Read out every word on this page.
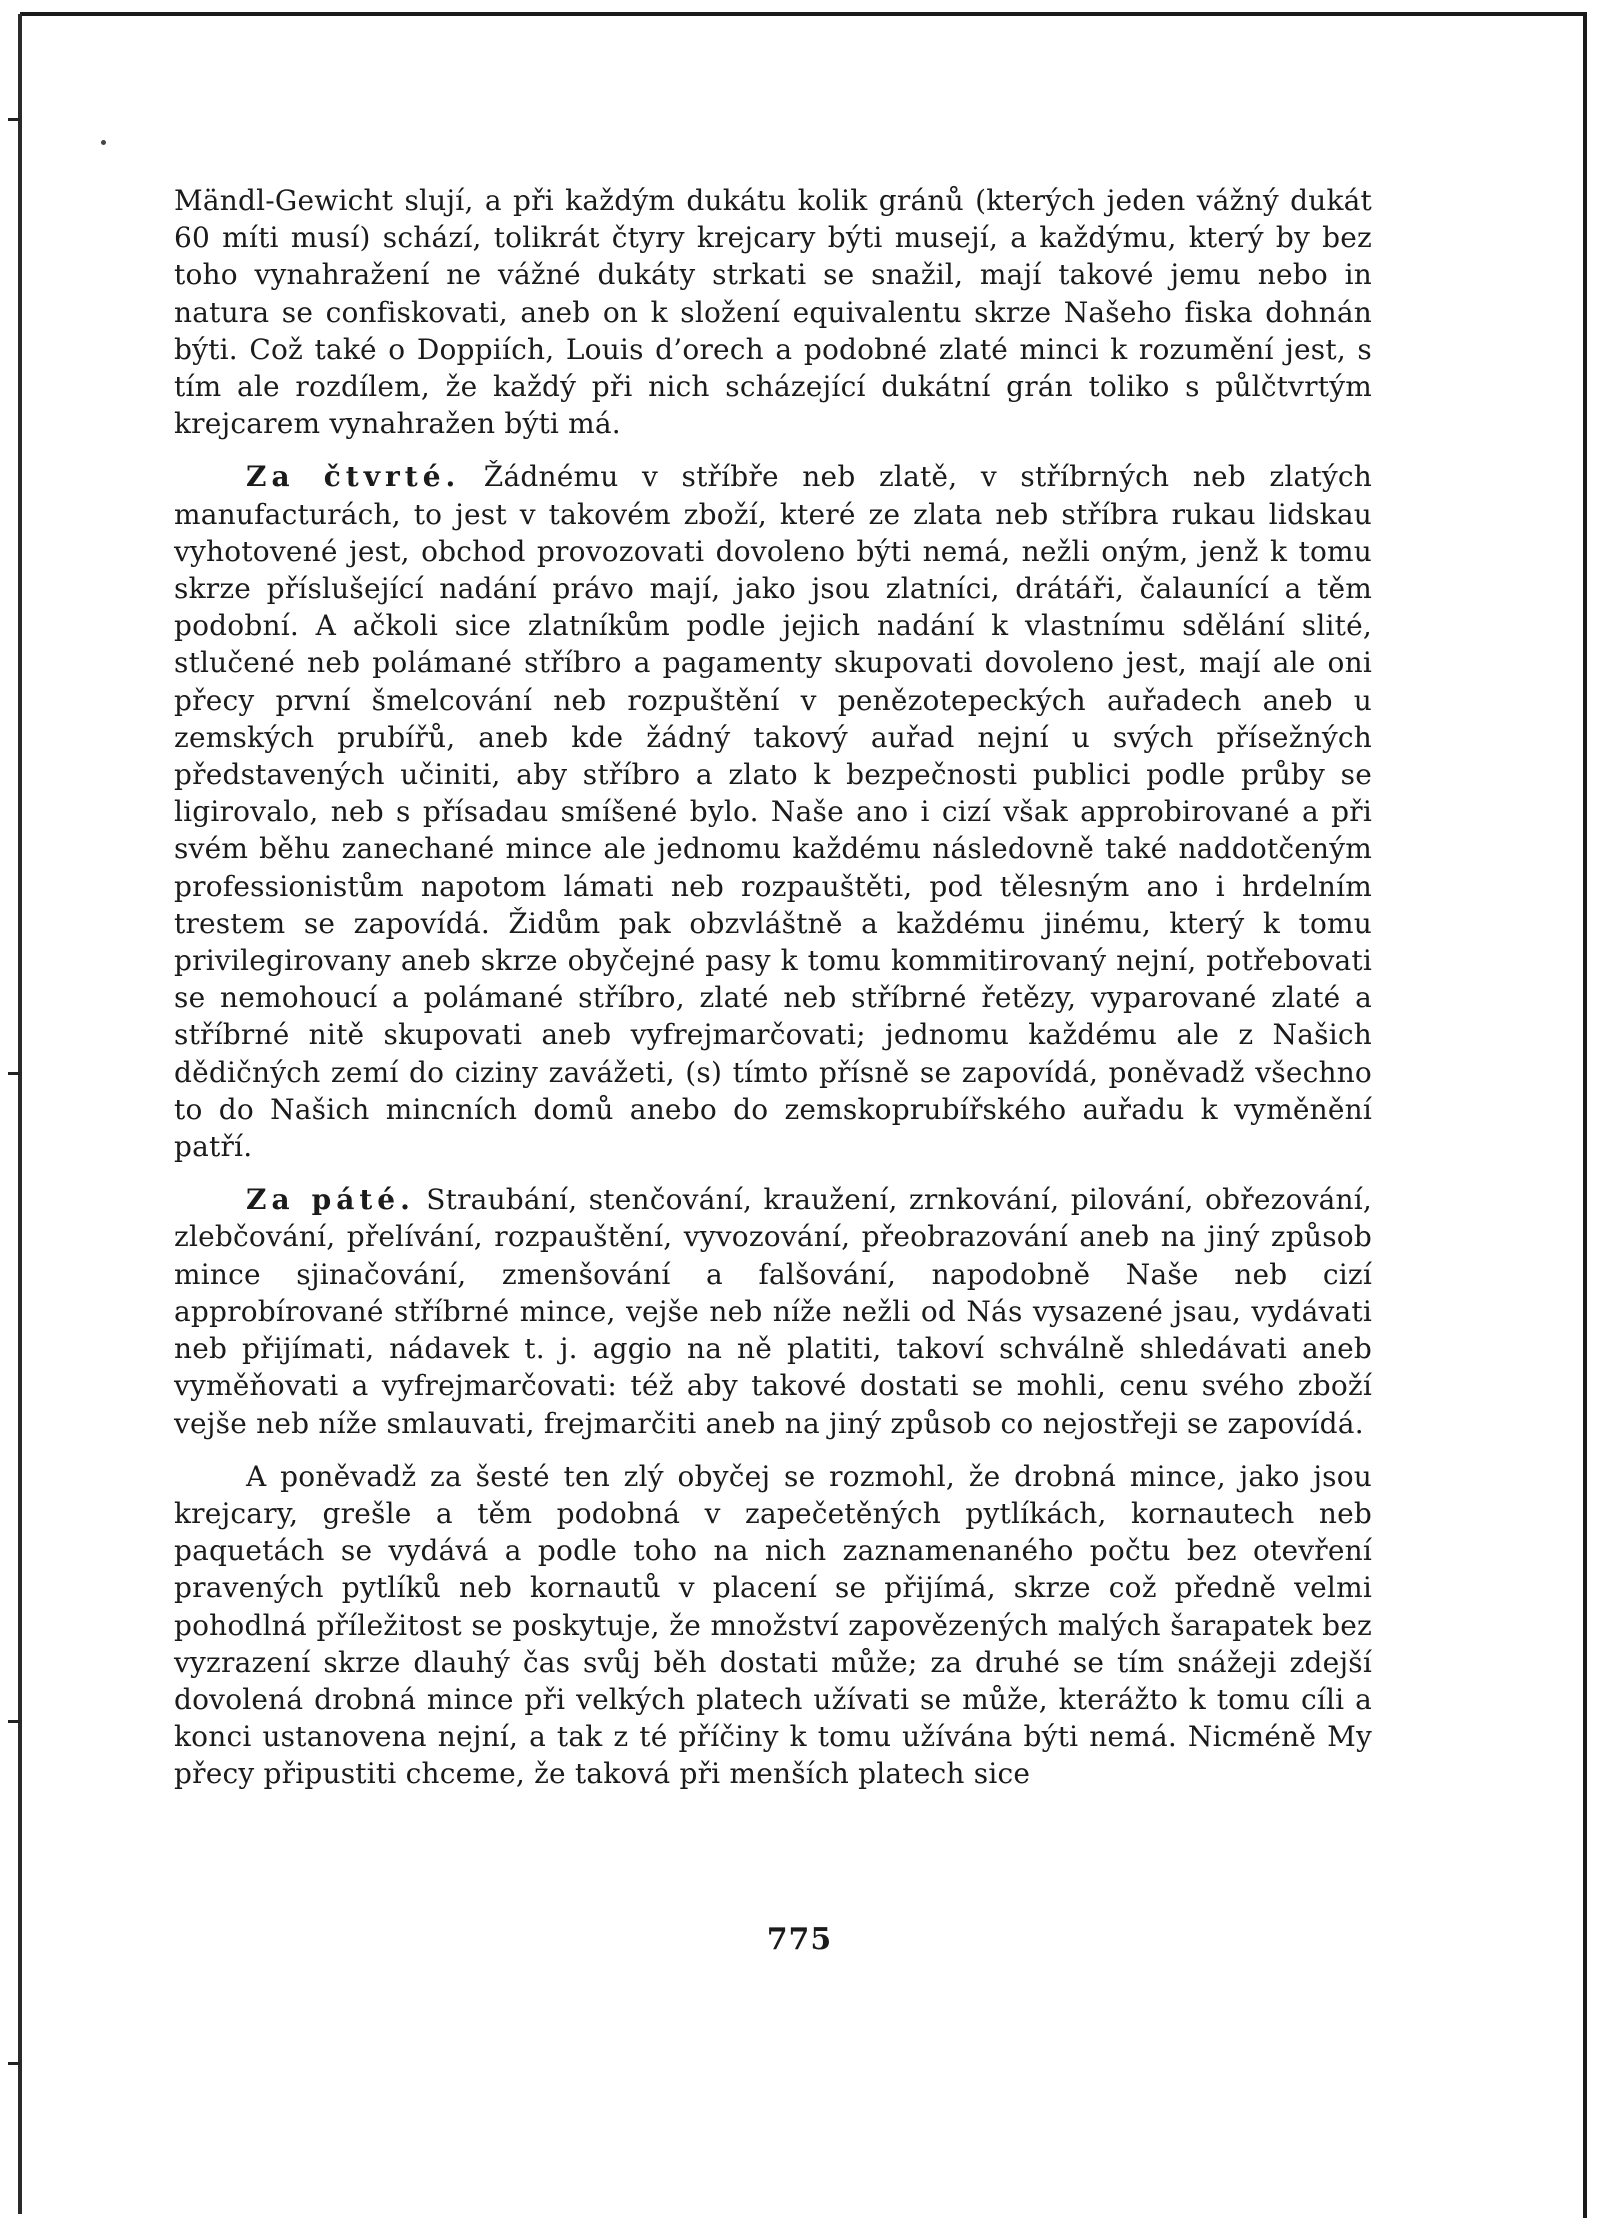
Mändl-Gewicht slují, a při každým dukátu kolik gránů (kterých jeden vážný dukát 60 míti musí) schází, tolikrát čtyry krejcary býti musejí, a každýmu, který by bez toho vynahražení ne vážné dukáty strkati se snažil, mají takové jemu nebo in natura se confiskovati, aneb on k složení equivalentu skrze Našeho fiska dohnán býti. Což také o Doppiích, Louis d’orech a podobné zlaté minci k rozumění jest, s tím ale rozdílem, že každý při nich scházející dukátní grán toliko s půlčtvrtým krejcarem vynahražen býti má.

Za čtvrté. Žádnému v stříbře neb zlatě, v stříbrných neb zlatých manufacturách, to jest v takovém zboží, které ze zlata neb stříbra rukau lidskau vyhotovené jest, obchod provozovati dovoleno býti nemá, nežli oným, jenž k tomu skrze příslušející nadání právo mají, jako jsou zlatníci, drátáři, čalaunící a těm podobní. A ačkoli sice zlatníkům podle jejich nadání k vlastnímu sdělání slité, stlučené neb polámané stříbro a pagamenty skupovati dovoleno jest, mají ale oni přecy první šmelcování neb rozpuštění v penězotepeckých auřadech aneb u zemských prubířů, aneb kde žádný takový auřad nejní u svých přísežných představených učiniti, aby stříbro a zlato k bezpečnosti publici podle průby se ligirovalo, neb s přísadau smíšené bylo. Naše ano i cizí však approbirované a při svém běhu zanechané mince ale jednomu každému následovně také naddotčeným professionistům napotom lámati neb rozpauštěti, pod tělesným ano i hrdelním trestem se zapovídá. Židům pak obzvláštně a každému jinému, který k tomu privilegirovany aneb skrze obyčejné pasy k tomu kommitirovaný nejní, potřebovati se nemohoucí a polámané stříbro, zlaté neb stříbrné řetězy, vyparované zlaté a stříbrné nitě skupovati aneb vyfrejmarčovati; jednomu každému ale z Našich dědičných zemí do ciziny zavážeti, (s) tímto přísně se zapovídá, poněvadž všechno to do Našich mincních domů anebo do zemskoprubířského auřadu k vyměnění patří.

Za páté. Straubání, stenčování, kraužení, zrnkování, pilování, obřezování, zlebčování, přelívání, rozpauštění, vyvozování, přeobrazování aneb na jiný způsob mince sjinačování, zmenšování a falšování, napodobně Naše neb cizí approbírované stříbrné mince, vejše neb níže nežli od Nás vysazené jsau, vydávati neb přijímati, nádavek t. j. aggio na ně platiti, takoví schválně shledávati aneb vyměňovati a vyfrejmarčovati: též aby takové dostati se mohli, cenu svého zboží vejše neb níže smlauvati, frejmarčiti aneb na jiný způsob co nejostřeji se zapovídá.

A poněvadž za šesté ten zlý obyčej se rozmohl, že drobná mince, jako jsou krejcary, grešle a těm podobná v zapečetěných pytlíkách, kornautech neb paquetách se vydává a podle toho na nich zaznamenaného počtu bez otevření pravených pytlíků neb kornautů v placení se přijímá, skrze což předně velmi pohodlná příležitost se poskytuje, že množství zapovězených malých šarapatek bez vyzrazení skrze dlauhý čas svůj běh dostati může; za druhé se tím snážeji zdejší dovolená drobná mince při velkých platech užívati se může, kterážto k tomu cíli a konci ustanovena nejní, a tak z té příčiny k tomu užívána býti nemá. Nicméně My přecy připustiti chceme, že taková při menších platech sice

775
